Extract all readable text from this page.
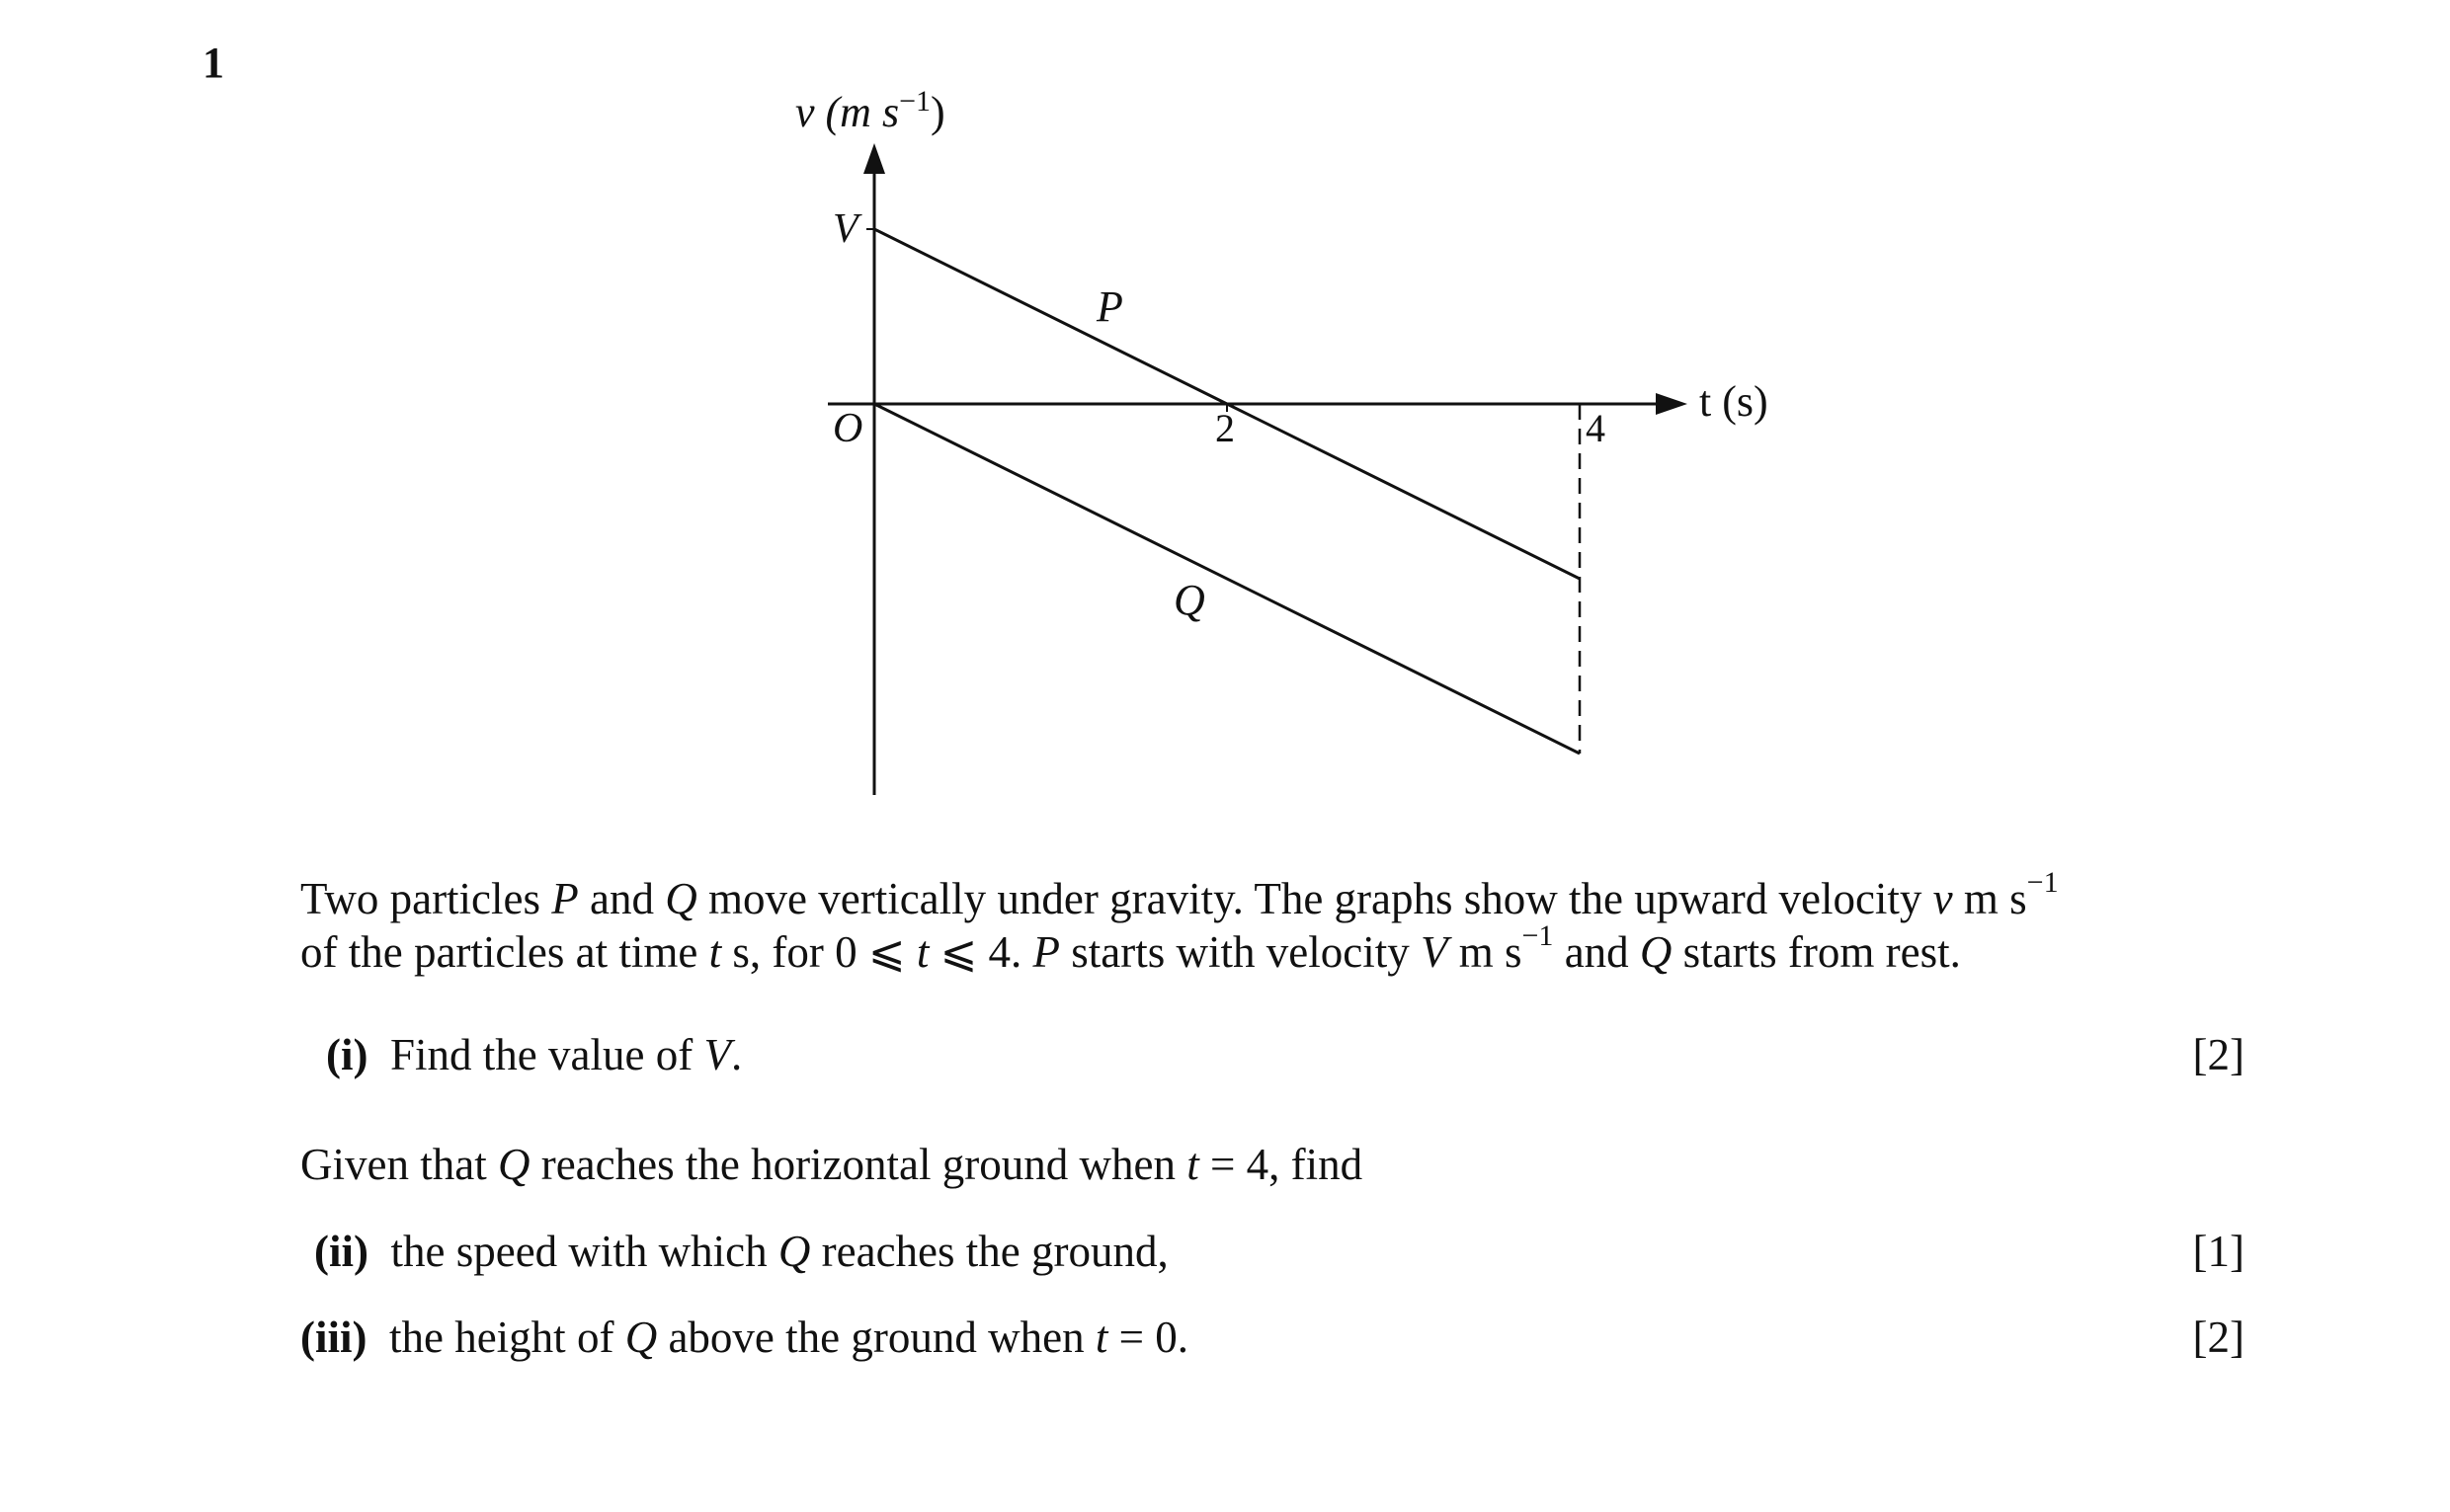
1
v (m $s^{-1}$)
t (s)
O
V
2	4
P
Q
Two particles P and Q move vertically under gravity. The graphs show the upward velocity v m $s^{-1}$
of the particles at time t s, for 0 ⩽ t ⩽ 4. P starts with velocity V m $s^{-1}$ and Q starts from rest.
(i) Find the value of V.	[2]
Given that Q reaches the horizontal ground when t = 4, find
(ii) the speed with which Q reaches the ground,	[1]
(iii) the height of Q above the ground when t = 0.	[2]
